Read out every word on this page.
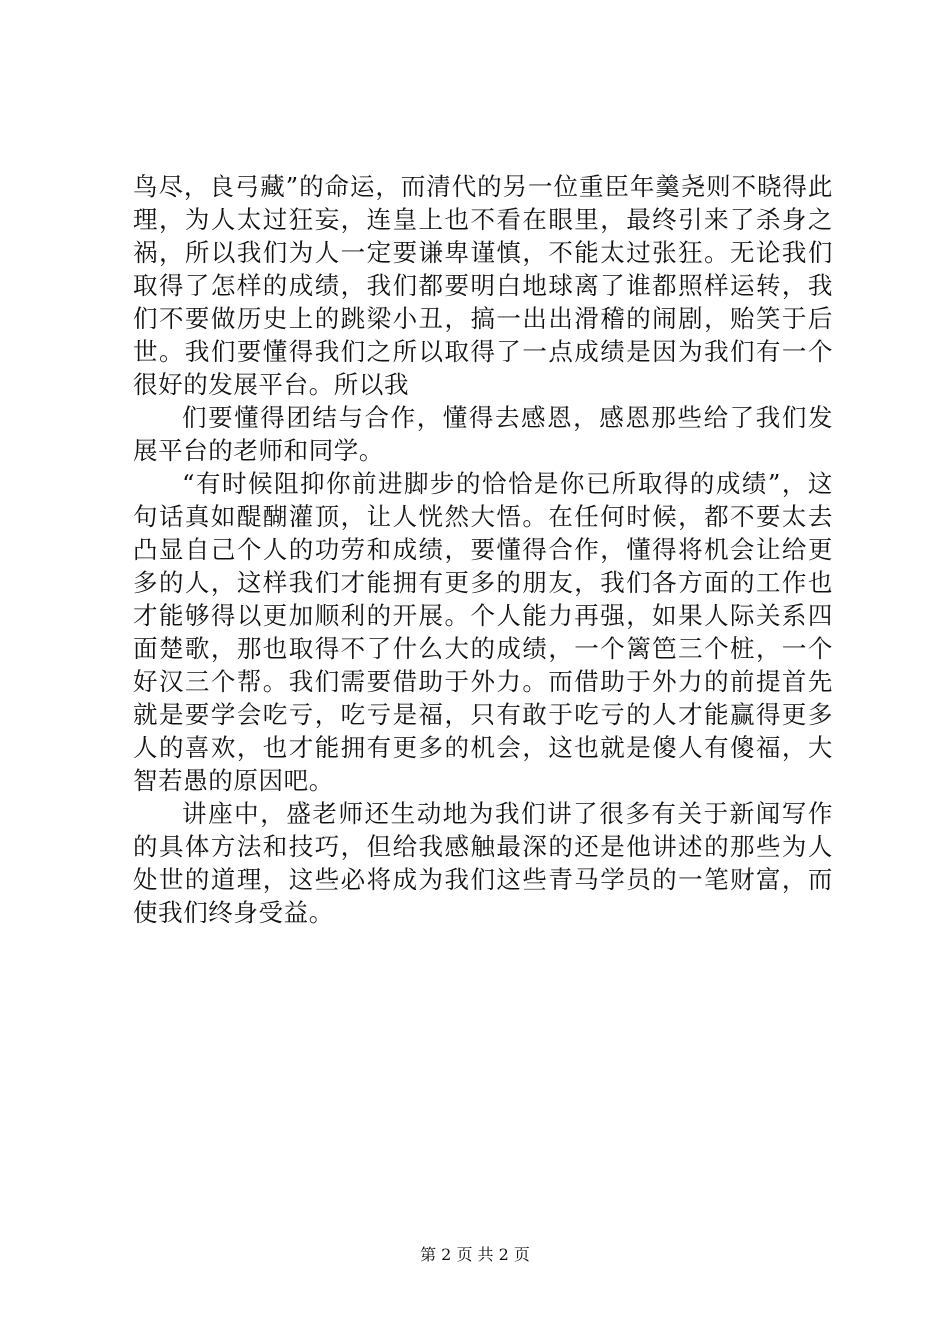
鸟尽，良弓藏”的命运，而清代的另一位重臣年羹尧则不晓得此理，为人太过狂妄，连皇上也不看在眼里，最终引来了杀身之祸，所以我们为人一定要谦卑谨慎，不能太过张狂。无论我们取得了怎样的成绩，我们都要明白地球离了谁都照样运转，我们不要做历史上的跳梁小丑，搞一出出滑稽的闹剧，贻笑于后世。我们要懂得我们之所以取得了一点成绩是因为我们有一个很好的发展平台。所以我

们要懂得团结与合作，懂得去感恩，感恩那些给了我们发展平台的老师和同学。

“有时候阻抑你前进脚步的恰恰是你已所取得的成绩”，这句话真如醍醐灌顶，让人恍然大悟。在任何时候，都不要太去凸显自己个人的功劳和成绩，要懂得合作，懂得将机会让给更多的人，这样我们才能拥有更多的朋友，我们各方面的工作也才能够得以更加顺利的开展。个人能力再强，如果人际关系四面楚歌，那也取得不了什么大的成绩，一个篱笆三个桩，一个好汉三个帮。我们需要借助于外力。而借助于外力的前提首先就是要学会吃亏，吃亏是福，只有敢于吃亏的人才能赢得更多人的喜欢，也才能拥有更多的机会，这也就是傻人有傻福，大智若愚的原因吧。

讲座中，盛老师还生动地为我们讲了很多有关于新闻写作的具体方法和技巧，但给我感触最深的还是他讲述的那些为人处世的道理，这些必将成为我们这些青马学员的一笔财富，而使我们终身受益。

第 2 页 共 2 页
